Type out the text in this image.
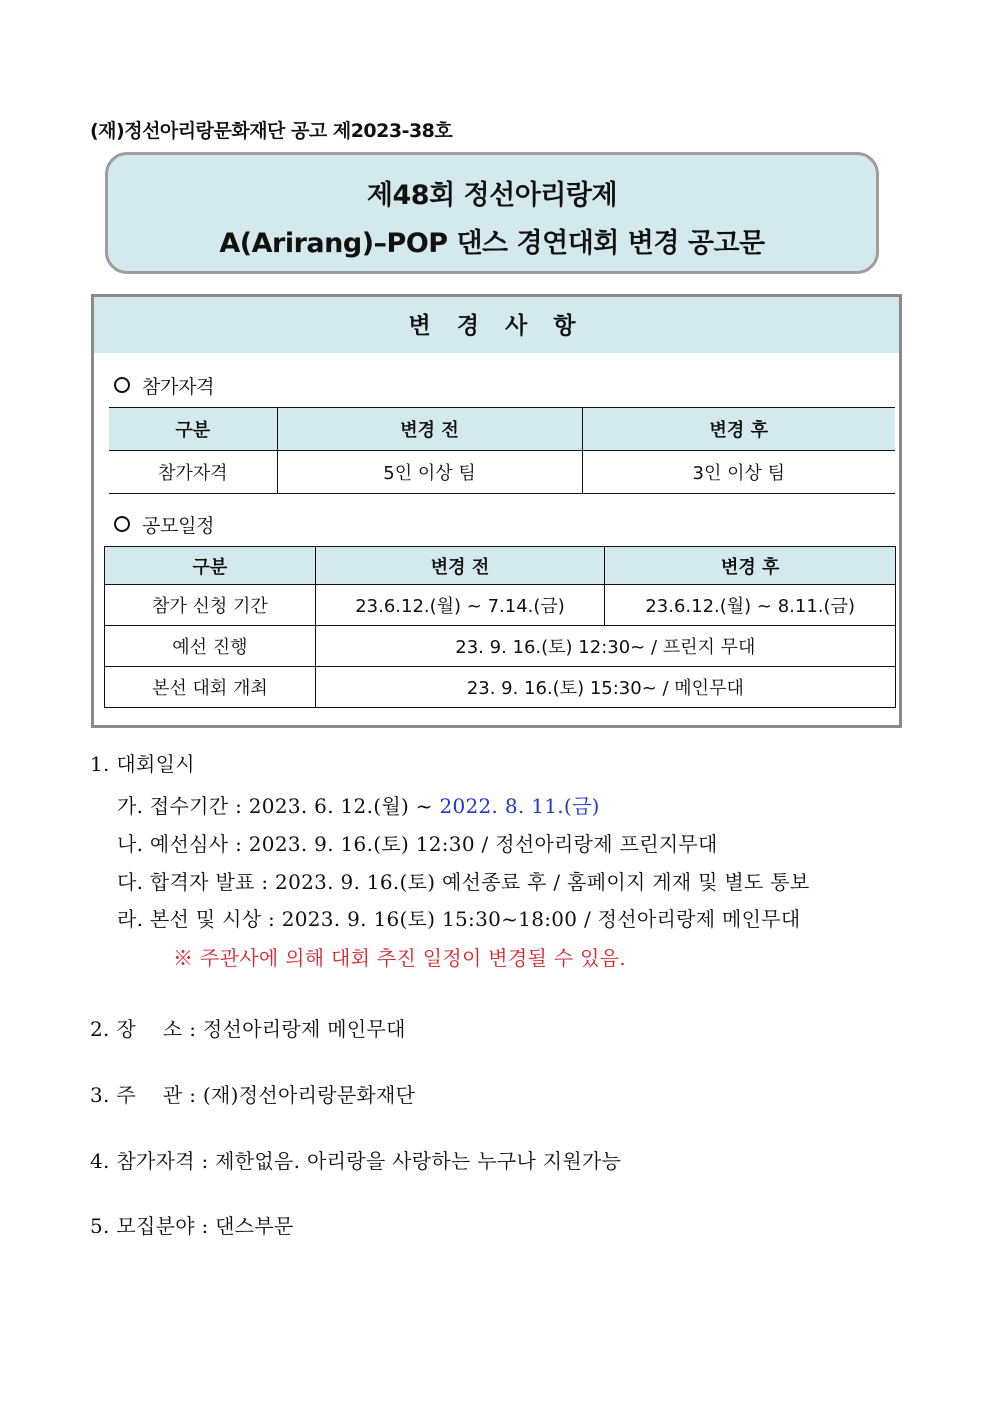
(재)정선아리랑문화재단 공고 제2023-38호
제48회 정선아리랑제
A(Arirang)–POP 댄스 경연대회 변경 공고문
변 경 사 항
참가자격
구분	변경 전	변경 후
참가자격	5인 이상 팀	3인 이상 팀
공모일정
구분	변경 전	변경 후
참가 신청 기간	23.6.12.(월) ~ 7.14.(금)	23.6.12.(월) ~ 8.11.(금)
예선 진행	23. 9. 16.(토) 12:30~ / 프린지 무대	
본선 대회 개최	23. 9. 16.(토) 15:30~ / 메인무대	
1. 대회일시
가. 접수기간 : 2023. 6. 12.(월) ~ 2022. 8. 11.(금)
나. 예선심사 : 2023. 9. 16.(토) 12:30 / 정선아리랑제 프린지무대
다. 합격자 발표 : 2023. 9. 16.(토) 예선종료 후 / 홈페이지 게재 및 별도 통보
라. 본선 및 시상 : 2023. 9. 16(토) 15:30~18:00 / 정선아리랑제 메인무대
※ 주관사에 의해 대회 추진 일정이 변경될 수 있음.
2. 장　 소 : 정선아리랑제 메인무대
3. 주　 관 : (재)정선아리랑문화재단
4. 참가자격 : 제한없음. 아리랑을 사랑하는 누구나 지원가능
5. 모집분야 : 댄스부문
